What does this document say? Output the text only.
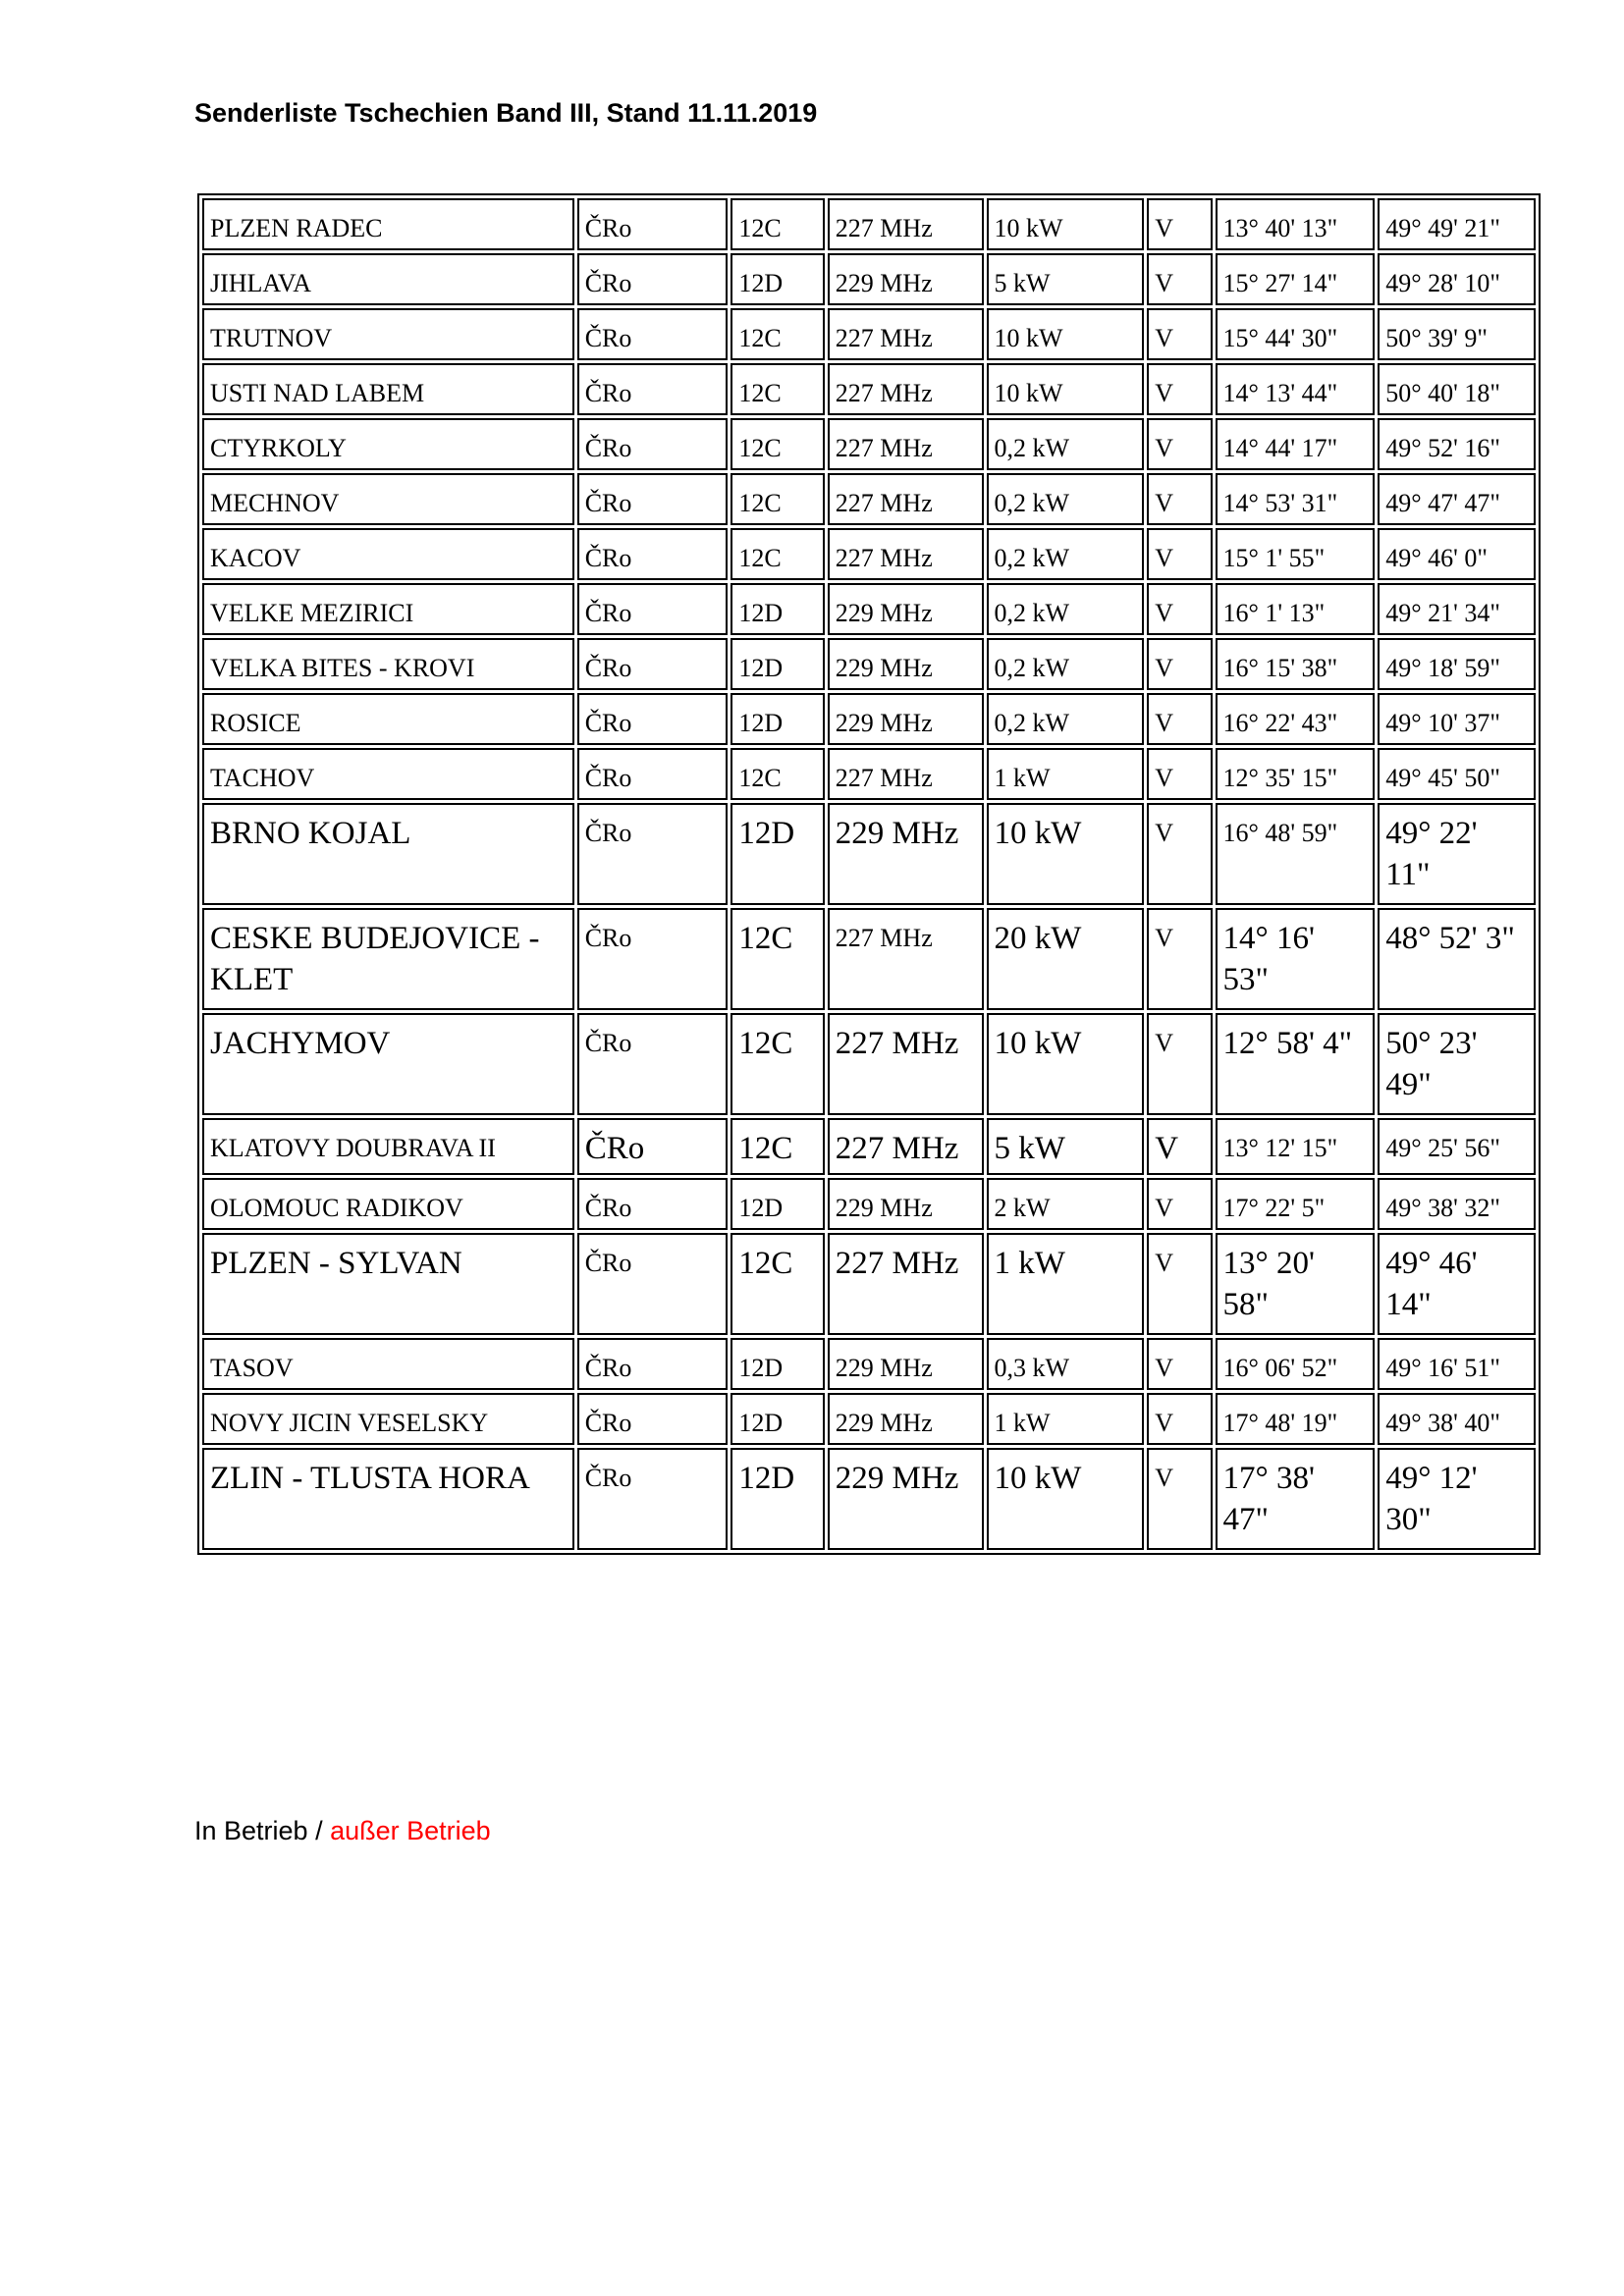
Senderliste Tschechien Band III, Stand 11.11.2019
PLZEN RADEC	ČRo	12C	227 MHz	10 kW	V	13° 40' 13"	49° 49' 21"
JIHLAVA	ČRo	12D	229 MHz	5 kW	V	15° 27' 14"	49° 28' 10"
TRUTNOV	ČRo	12C	227 MHz	10 kW	V	15° 44' 30"	50° 39' 9"
USTI NAD LABEM	ČRo	12C	227 MHz	10 kW	V	14° 13' 44"	50° 40' 18"
CTYRKOLY	ČRo	12C	227 MHz	0,2 kW	V	14° 44' 17"	49° 52' 16"
MECHNOV	ČRo	12C	227 MHz	0,2 kW	V	14° 53' 31"	49° 47' 47"
KACOV	ČRo	12C	227 MHz	0,2 kW	V	15° 1' 55"	49° 46' 0"
VELKE MEZIRICI	ČRo	12D	229 MHz	0,2 kW	V	16° 1' 13"	49° 21' 34"
VELKA BITES - KROVI	ČRo	12D	229 MHz	0,2 kW	V	16° 15' 38"	49° 18' 59"
ROSICE	ČRo	12D	229 MHz	0,2 kW	V	16° 22' 43"	49° 10' 37"
TACHOV	ČRo	12C	227 MHz	1 kW	V	12° 35' 15"	49° 45' 50"
BRNO KOJAL	ČRo	12D	229 MHz	10 kW	V	16° 48' 59"	49° 22' 11"
CESKE BUDEJOVICE - KLET	ČRo	12C	227 MHz	20 kW	V	14° 16' 53"	48° 52' 3"
JACHYMOV	ČRo	12C	227 MHz	10 kW	V	12° 58' 4"	50° 23' 49"
KLATOVY DOUBRAVA II	ČRo	12C	227 MHz	5 kW	V	13° 12' 15"	49° 25' 56"
OLOMOUC RADIKOV	ČRo	12D	229 MHz	2 kW	V	17° 22' 5"	49° 38' 32"
PLZEN - SYLVAN	ČRo	12C	227 MHz	1 kW	V	13° 20' 58"	49° 46' 14"
TASOV	ČRo	12D	229 MHz	0,3 kW	V	16° 06' 52"	49° 16' 51"
NOVY JICIN VESELSKY	ČRo	12D	229 MHz	1 kW	V	17° 48' 19"	49° 38' 40"
ZLIN - TLUSTA HORA	ČRo	12D	229 MHz	10 kW	V	17° 38' 47"	49° 12' 30"
In Betrieb / außer Betrieb
